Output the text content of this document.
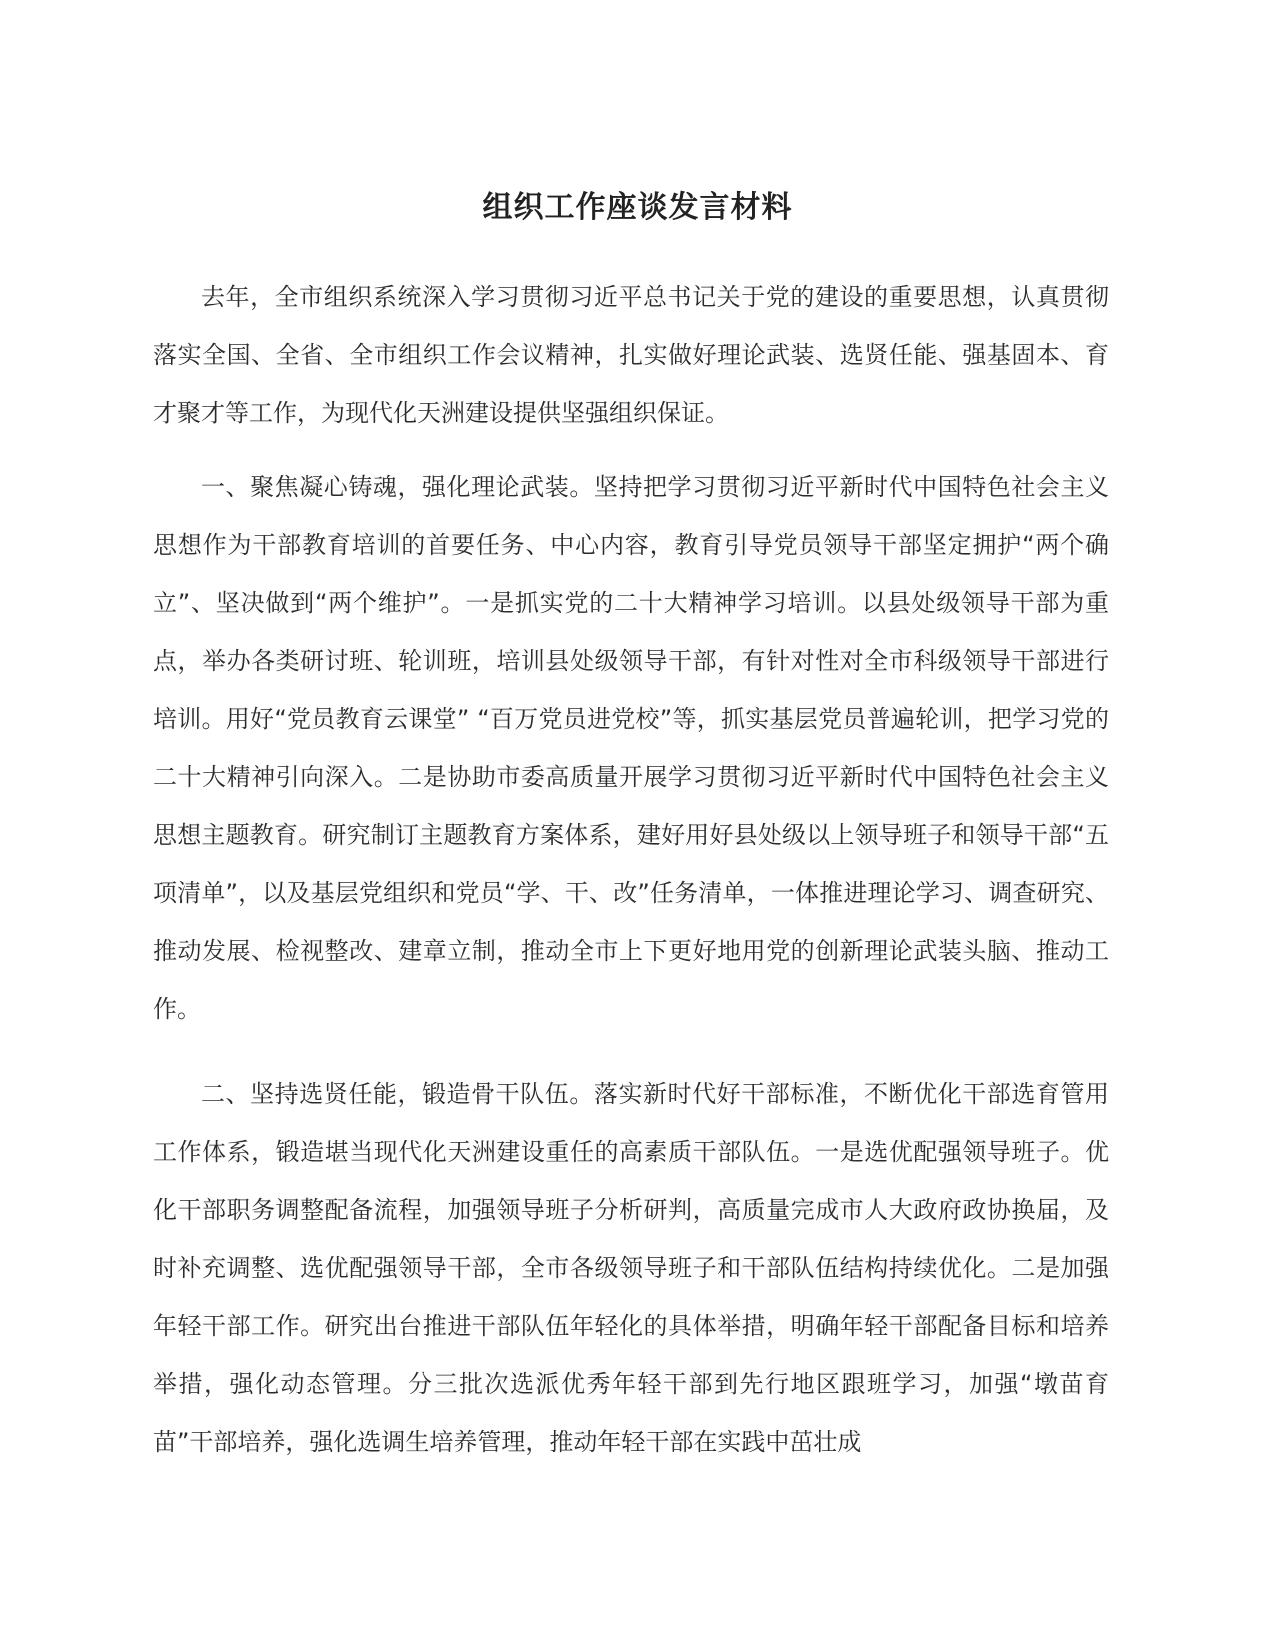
组织工作座谈发言材料

去年，全市组织系统深入学习贯彻习近平总书记关于党的建设的重要思想，认真贯彻落实全国、全省、全市组织工作会议精神，扎实做好理论武装、选贤任能、强基固本、育才聚才等工作，为现代化天洲建设提供坚强组织保证。

一、聚焦凝心铸魂，强化理论武装。坚持把学习贯彻习近平新时代中国特色社会主义思想作为干部教育培训的首要任务、中心内容，教育引导党员领导干部坚定拥护“两个确立”、坚决做到“两个维护”。一是抓实党的二十大精神学习培训。以县处级领导干部为重点，举办各类研讨班、轮训班，培训县处级领导干部，有针对性对全市科级领导干部进行培训。用好“党员教育云课堂” “百万党员进党校”等，抓实基层党员普遍轮训，把学习党的二十大精神引向深入。二是协助市委高质量开展学习贯彻习近平新时代中国特色社会主义思想主题教育。研究制订主题教育方案体系，建好用好县处级以上领导班子和领导干部“五项清单”，以及基层党组织和党员“学、干、改”任务清单，一体推进理论学习、调查研究、推动发展、检视整改、建章立制，推动全市上下更好地用党的创新理论武装头脑、推动工作。

二、坚持选贤任能，锻造骨干队伍。落实新时代好干部标准，不断优化干部选育管用工作体系，锻造堪当现代化天洲建设重任的高素质干部队伍。一是选优配强领导班子。优化干部职务调整配备流程，加强领导班子分析研判，高质量完成市人大政府政协换届，及时补充调整、选优配强领导干部，全市各级领导班子和干部队伍结构持续优化。二是加强年轻干部工作。研究出台推进干部队伍年轻化的具体举措，明确年轻干部配备目标和培养举措，强化动态管理。分三批次选派优秀年轻干部到先行地区跟班学习，加强“墩苗育苗”干部培养，强化选调生培养管理，推动年轻干部在实践中茁壮成
